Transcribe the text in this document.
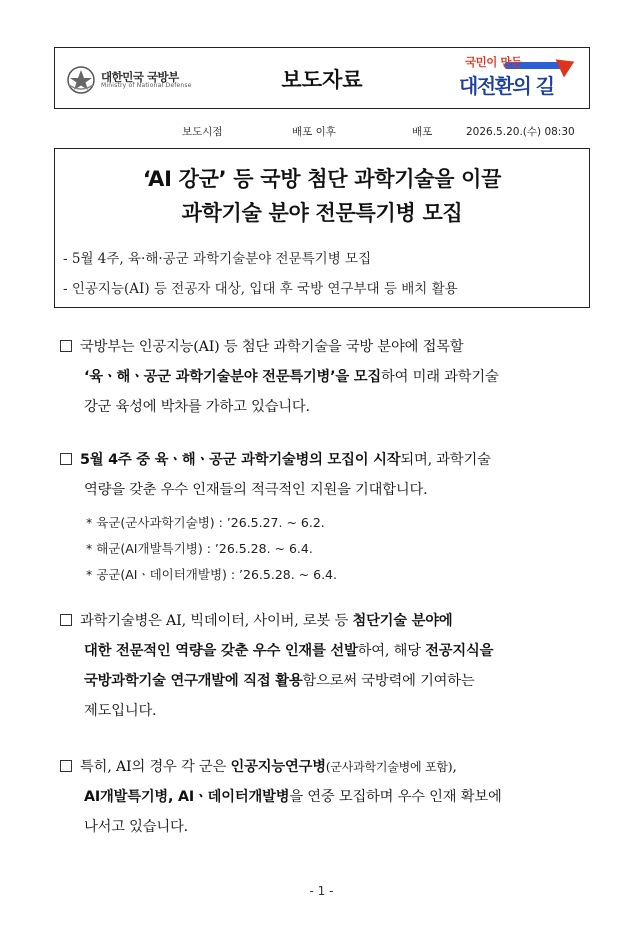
대한민국 국방부
Ministry of National Defense	보도자료
국민이 만든
대전환의 길
보도시점	배포 이후	배포	2026.5.20.(수) 08:30
‘AI 강군’ 등 국방 첨단 과학기술을 이끌
과학기술 분야 전문특기병 모집
- 5월 4주, 육·해·공군 과학기술분야 전문특기병 모집
- 인공지능(AI) 등 전공자 대상, 입대 후 국방 연구부대 등 배치 활용
국방부는 인공지능(AI) 등 첨단 과학기술을 국방 분야에 접목할
‘육ㆍ해ㆍ공군 과학기술분야 전문특기병’을 모집하여 미래 과학기술
강군 육성에 박차를 가하고 있습니다.
5월 4주 중 육ㆍ해ㆍ공군 과학기술병의 모집이 시작되며, 과학기술
역량을 갖춘 우수 인재들의 적극적인 지원을 기대합니다.
* 육군(군사과학기술병) : ’26.5.27. ~ 6.2.
* 해군(AI개발특기병) : ’26.5.28. ~ 6.4.
* 공군(AIㆍ데이터개발병) : ’26.5.28. ~ 6.4.
과학기술병은 AI, 빅데이터, 사이버, 로봇 등 첨단기술 분야에
대한 전문적인 역량을 갖춘 우수 인재를 선발하여, 해당 전공지식을
국방과학기술 연구개발에 직접 활용함으로써 국방력에 기여하는
제도입니다.
특히, AI의 경우 각 군은 인공지능연구병(군사과학기술병에 포함),
AI개발특기병, AIㆍ데이터개발병을 연중 모집하며 우수 인재 확보에
나서고 있습니다.
- 1 -
